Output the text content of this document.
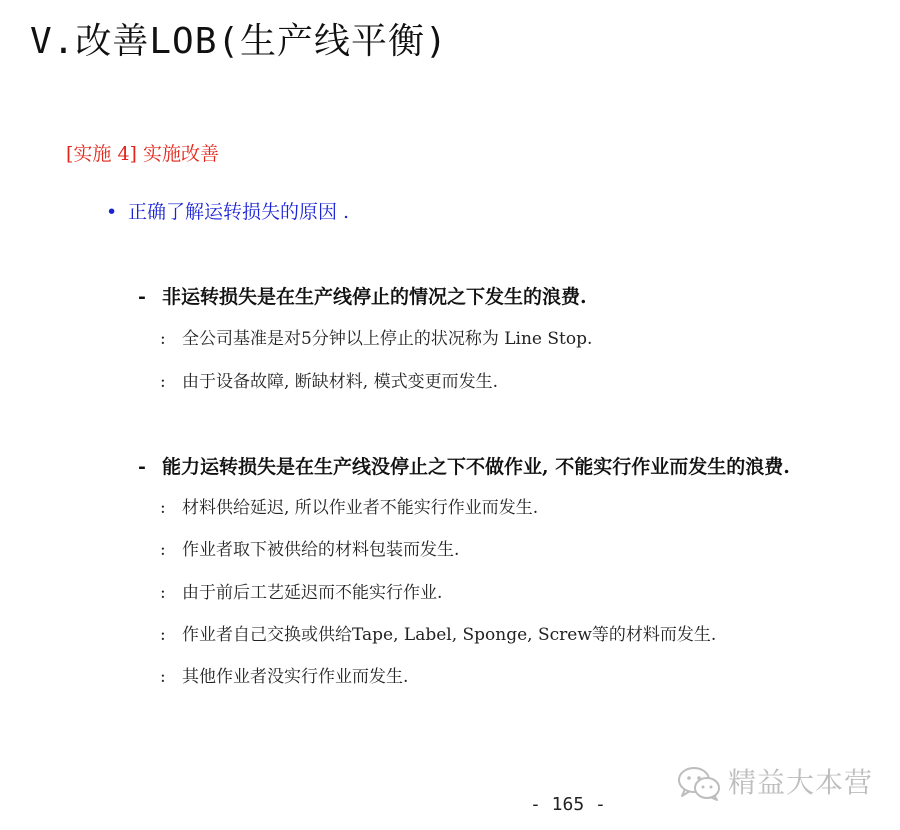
V.改善LOB(生产线平衡)
[实施 4] 实施改善
• 正确了解运转损失的原因 .
- 非运转损失是在生产线停止的情况之下发生的浪费.
: 全公司基准是对5分钟以上停止的状况称为 Line Stop.
: 由于设备故障, 断缺材料, 模式变更而发生.
- 能力运转损失是在生产线没停止之下不做作业, 不能实行作业而发生的浪费.
: 材料供给延迟, 所以作业者不能实行作业而发生.
: 作业者取下被供给的材料包装而发生.
: 由于前后工艺延迟而不能实行作业.
: 作业者自己交换或供给Tape, Label, Sponge, Screw等的材料而发生.
: 其他作业者没实行作业而发生.
- 165 -
精益大本营
